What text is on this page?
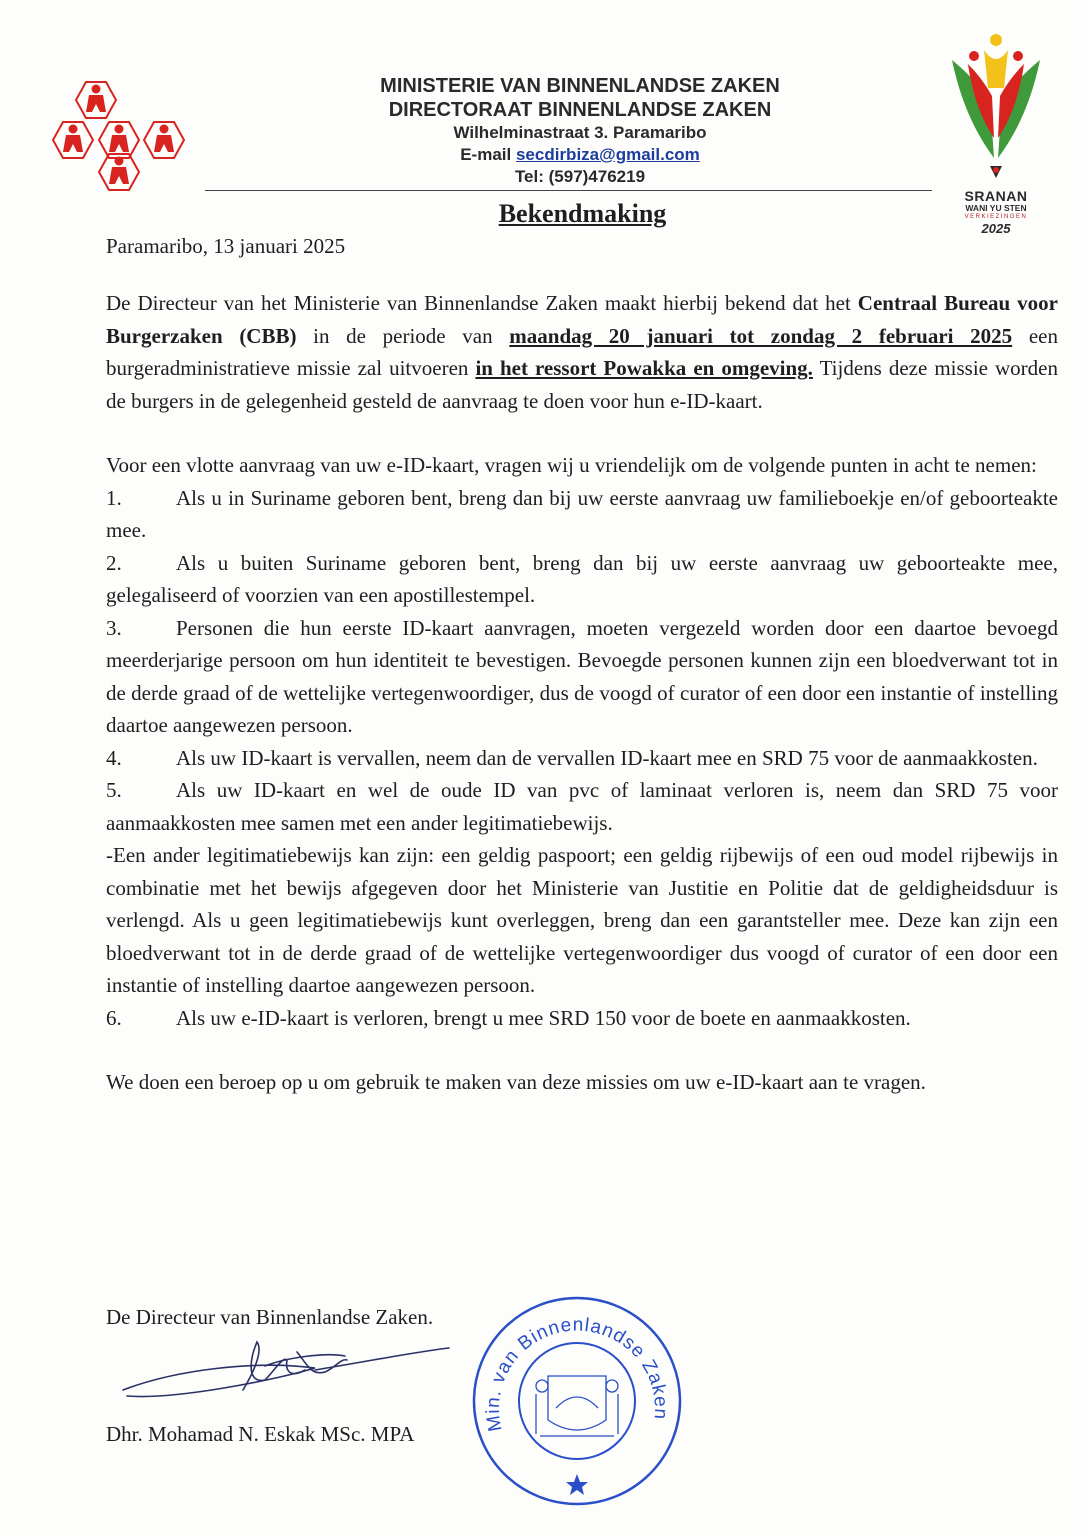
MINISTERIE VAN BINNENLANDSE ZAKEN
DIRECTORAAT BINNENLANDSE ZAKEN
Wilhelminastraat 3. Paramaribo
E-mail secdirbiza@gmail.com
Tel: (597)476219
SRANAN
WANI YU STEN
VERKIEZINGEN
2025
Bekendmaking
Paramaribo, 13 januari 2025

De Directeur van het Ministerie van Binnenlandse Zaken maakt hierbij bekend dat het Centraal Bureau voor Burgerzaken (CBB) in de periode van maandag 20 januari tot zondag 2 februari 2025 een burgeradministratieve missie zal uitvoeren in het ressort Powakka en omgeving. Tijdens deze missie worden de burgers in de gelegenheid gesteld de aanvraag te doen voor hun e-ID-kaart.

Voor een vlotte aanvraag van uw e-ID-kaart, vragen wij u vriendelijk om de volgende punten in acht te nemen:

1.	Als u in Suriname geboren bent, breng dan bij uw eerste aanvraag uw familieboekje en/of geboorteakte mee.

2.	Als u buiten Suriname geboren bent, breng dan bij uw eerste aanvraag uw geboorteakte mee, gelegaliseerd of voorzien van een apostillestempel.

3.	Personen die hun eerste ID-kaart aanvragen, moeten vergezeld worden door een daartoe bevoegd meerderjarige persoon om hun identiteit te bevestigen. Bevoegde personen kunnen zijn een bloedverwant tot in de derde graad of de wettelijke vertegenwoordiger, dus de voogd of curator of een door een instantie of instelling daartoe aangewezen persoon.

4.	Als uw ID-kaart is vervallen, neem dan de vervallen ID-kaart mee en SRD 75 voor de aanmaakkosten.

5.	Als uw ID-kaart en wel de oude ID van pvc of laminaat verloren is, neem dan SRD 75 voor aanmaakkosten mee samen met een ander legitimatiebewijs.

-Een ander legitimatiebewijs kan zijn: een geldig paspoort; een geldig rijbewijs of een oud model rijbewijs in combinatie met het bewijs afgegeven door het Ministerie van Justitie en Politie dat de geldigheidsduur is verlengd. Als u geen legitimatiebewijs kunt overleggen, breng dan een garantsteller mee. Deze kan zijn een bloedverwant tot in de derde graad of de wettelijke vertegenwoordiger dus voogd of curator of een door een instantie of instelling daartoe aangewezen persoon.

6.	Als uw e-ID-kaart is verloren, brengt u mee SRD 150 voor de boete en aanmaakkosten.

We doen een beroep op u om gebruik te maken van deze missies om uw e-ID-kaart aan te vragen.

De Directeur van Binnenlandse Zaken.
Dhr. Mohamad N. Eskak MSc. MPA	Min. van Binnenlandse Zaken
